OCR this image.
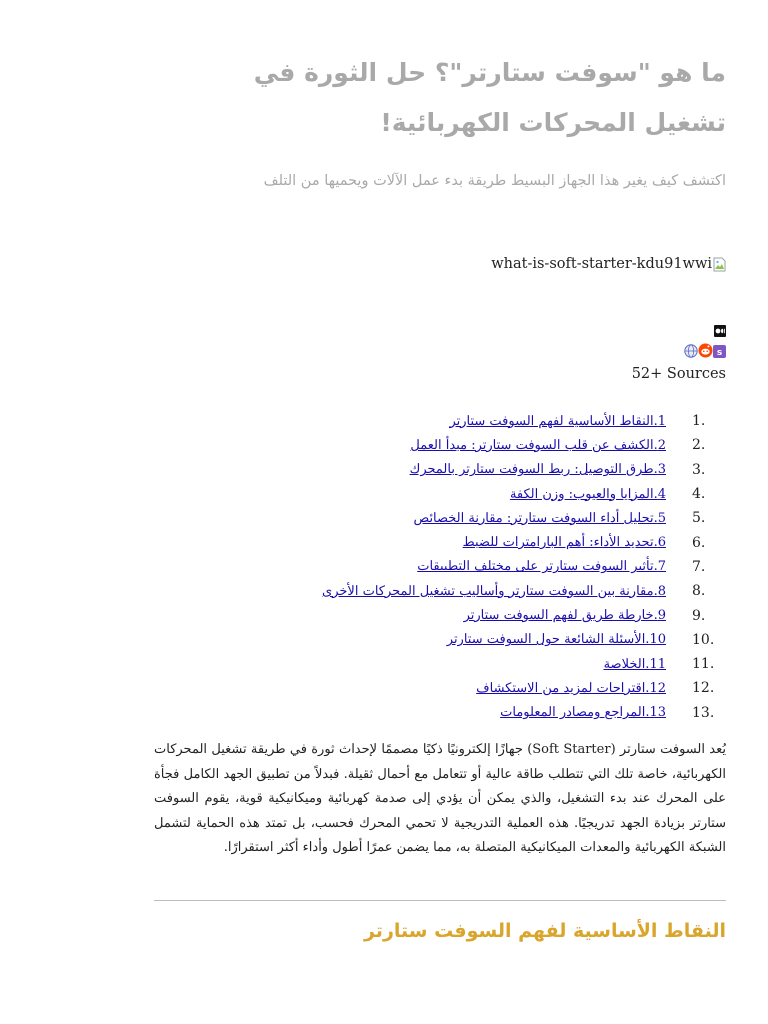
ما هو "سوفت ستارتر"؟ حل الثورة في تشغيل المحركات الكهربائية!

اكتشف كيف يغير هذا الجهاز البسيط طريقة بدء عمل الآلات ويحميها من التلف

what-is-soft-starter-kdu91wwi
s
52+ Sources
1.النقاط الأساسية لفهم السوفت ستارتر	1.
2.الكشف عن قلب السوفت ستارتر: مبدأ العمل	2.
3.طرق التوصيل: ربط السوفت ستارتر بالمحرك	3.
4.المزايا والعيوب: وزن الكفة	4.
5.تحليل أداء السوفت ستارتر: مقارنة الخصائص	5.
6.تحديد الأداء: أهم البارامترات للضبط	6.
7.تأثير السوفت ستارتر على مختلف التطبيقات	7.
8.مقارنة بين السوفت ستارتر وأساليب تشغيل المحركات الأخرى	8.
9.خارطة طريق لفهم السوفت ستارتر	9.
10.الأسئلة الشائعة حول السوفت ستارتر	10.
11.الخلاصة	11.
12.اقتراحات لمزيد من الاستكشاف	12.
13.المراجع ومصادر المعلومات	13.

يُعد السوفت ستارتر (Soft Starter) جهازًا إلكترونيًا ذكيًا مصممًا لإحداث ثورة في طريقة تشغيل المحركات الكهربائية، خاصة تلك التي تتطلب طاقة عالية أو تتعامل مع أحمال ثقيلة. فبدلاً من تطبيق الجهد الكامل فجأة على المحرك عند بدء التشغيل، والذي يمكن أن يؤدي إلى صدمة كهربائية وميكانيكية قوية، يقوم السوفت ستارتر بزيادة الجهد تدريجيًا. هذه العملية التدريجية لا تحمي المحرك فحسب، بل تمتد هذه الحماية لتشمل الشبكة الكهربائية والمعدات الميكانيكية المتصلة به، مما يضمن عمرًا أطول وأداء أكثر استقرارًا.

النقاط الأساسية لفهم السوفت ستارتر
